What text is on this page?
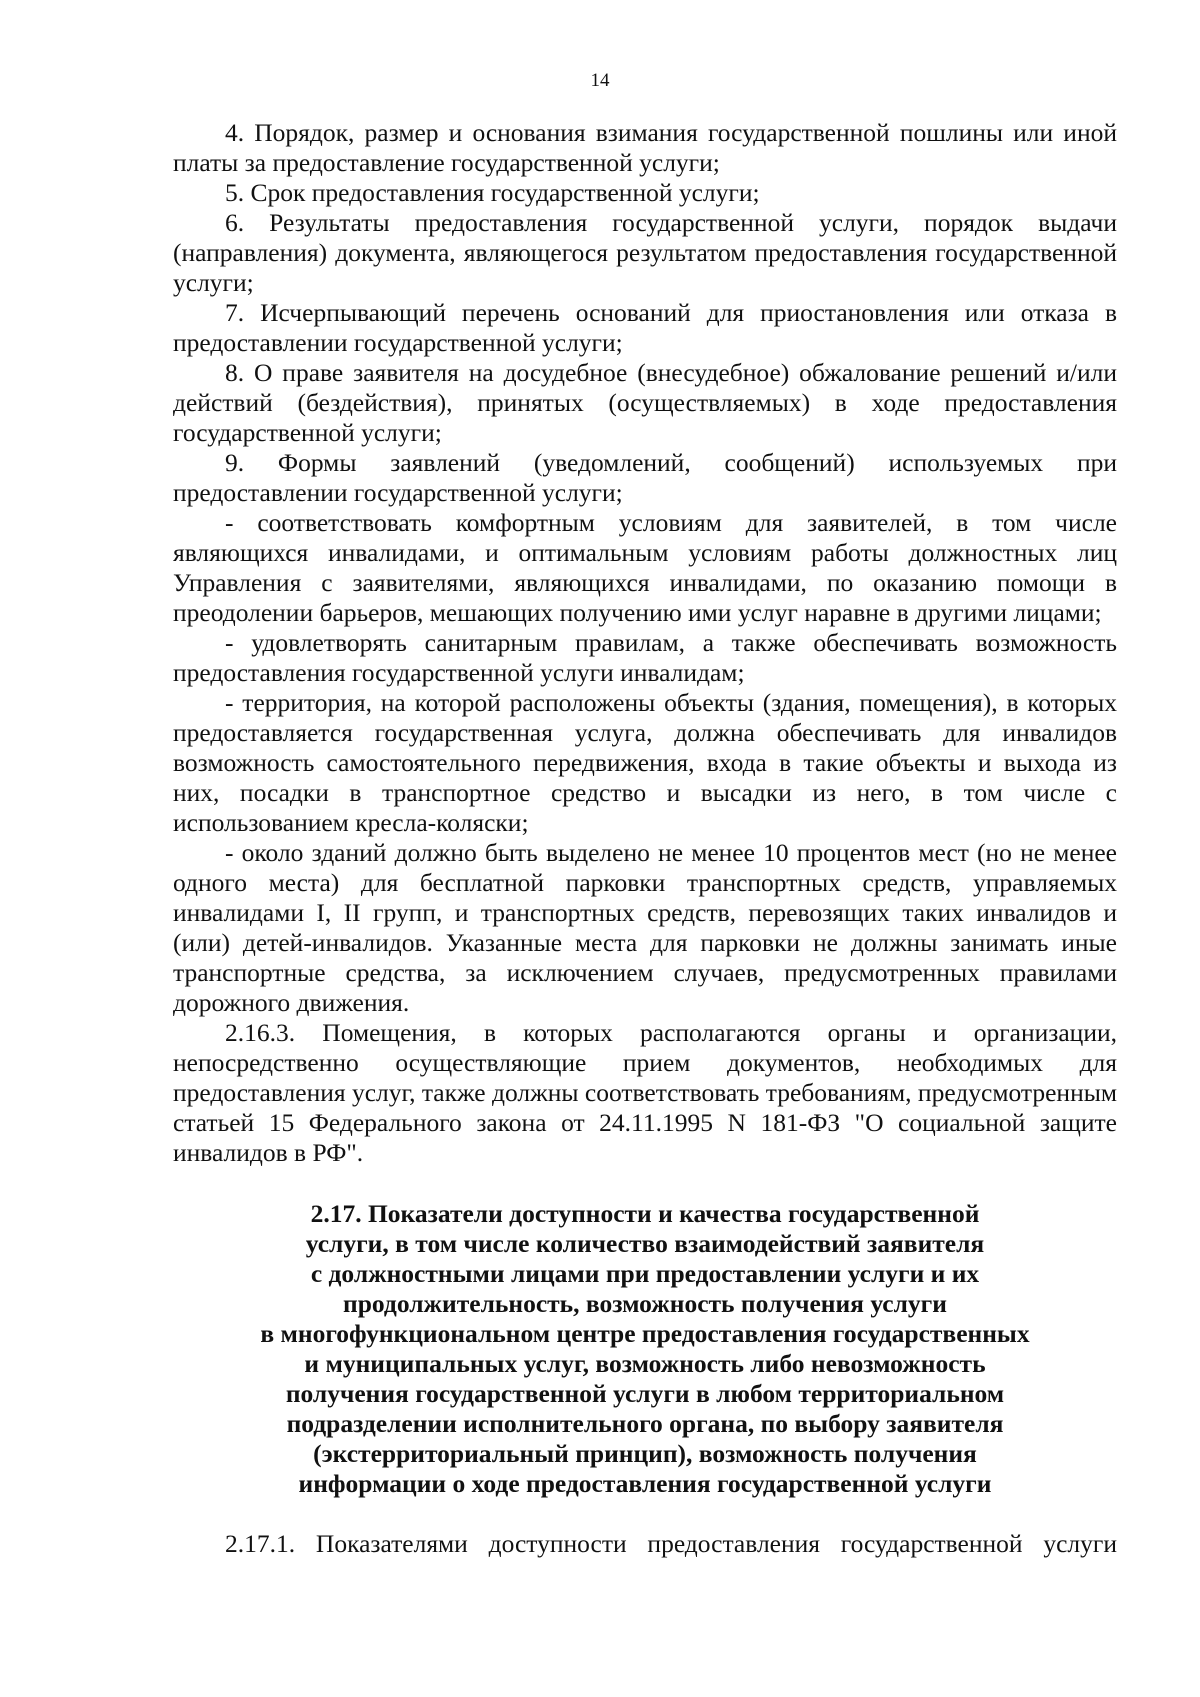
14

4. Порядок, размер и основания взимания государственной пошлины или иной платы за предоставление государственной услуги;

5. Срок предоставления государственной услуги;

6. Результаты предоставления государственной услуги, порядок выдачи (направления) документа, являющегося результатом предоставления государственной услуги;

7. Исчерпывающий перечень оснований для приостановления или отказа в предоставлении государственной услуги;

8. О праве заявителя на досудебное (внесудебное) обжалование решений и/или действий (бездействия), принятых (осуществляемых) в ходе предоставления государственной услуги;

9. Формы заявлений (уведомлений, сообщений) используемых при предоставлении государственной услуги;

- соответствовать комфортным условиям для заявителей, в том числе являющихся инвалидами, и оптимальным условиям работы должностных лиц Управления с заявителями, являющихся инвалидами, по оказанию помощи в преодолении барьеров, мешающих получению ими услуг наравне в другими лицами;

- удовлетворять санитарным правилам, а также обеспечивать возможность предоставления государственной услуги инвалидам;

- территория, на которой расположены объекты (здания, помещения), в которых предоставляется государственная услуга, должна обеспечивать для инвалидов возможность самостоятельного передвижения, входа в такие объекты и выхода из них, посадки в транспортное средство и высадки из него, в том числе с использованием кресла-коляски;

- около зданий должно быть выделено не менее 10 процентов мест (но не менее одного места) для бесплатной парковки транспортных средств, управляемых инвалидами I, II групп, и транспортных средств, перевозящих таких инвалидов и (или) детей-инвалидов. Указанные места для парковки не должны занимать иные транспортные средства, за исключением случаев, предусмотренных правилами дорожного движения.

2.16.3. Помещения, в которых располагаются органы и организации, непосредственно осуществляющие прием документов, необходимых для предоставления услуг, также должны соответствовать требованиям, предусмотренным статьей 15 Федерального закона от 24.11.1995 N 181-ФЗ "О социальной защите инвалидов в РФ".

2.17. Показатели доступности и качества государственной
услуги, в том числе количество взаимодействий заявителя
с должностными лицами при предоставлении услуги и их
продолжительность, возможность получения услуги
в многофункциональном центре предоставления государственных
и муниципальных услуг, возможность либо невозможность
получения государственной услуги в любом территориальном
подразделении исполнительного органа, по выбору заявителя
(экстерриториальный принцип), возможность получения
информации о ходе предоставления государственной услуги

2.17.1. Показателями доступности предоставления государственной услуги
